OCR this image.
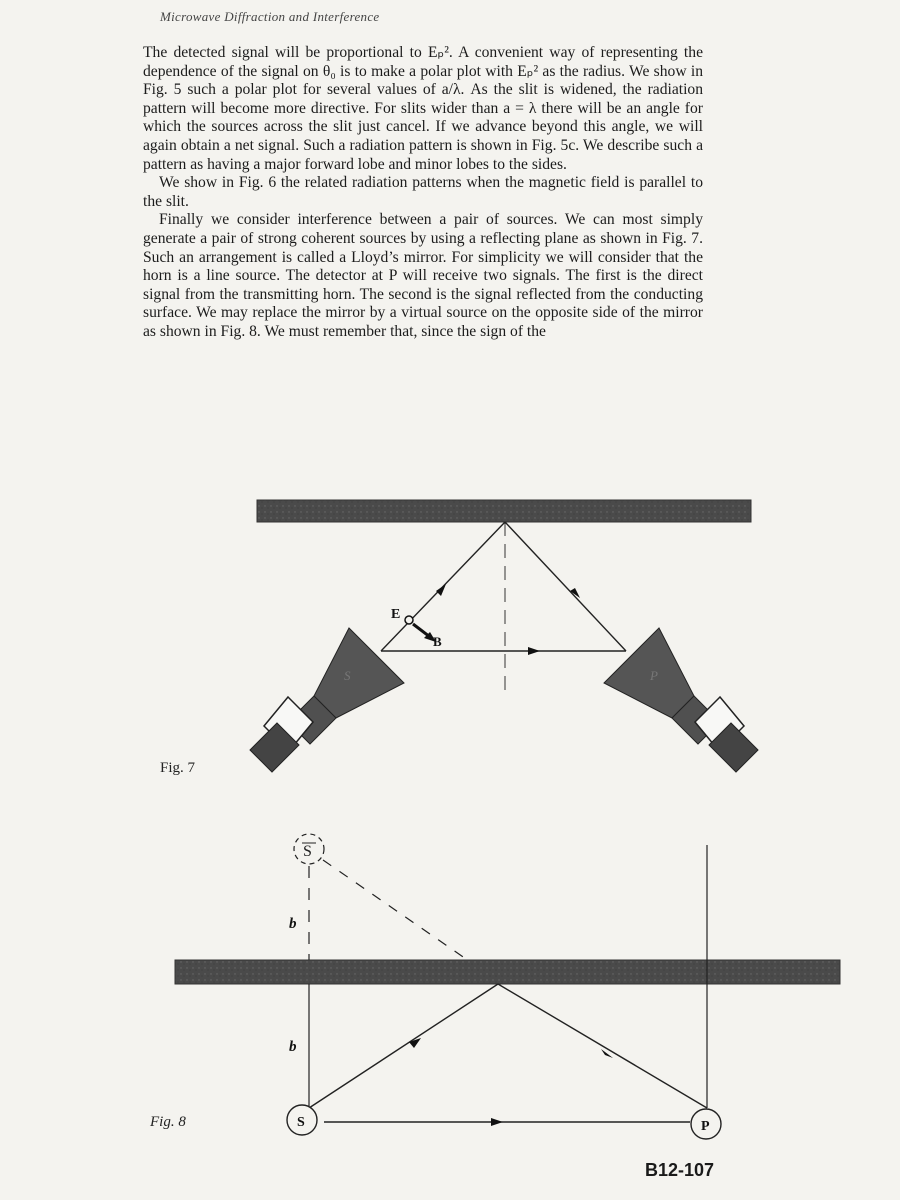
Microwave Diffraction and Interference

The detected signal will be proportional to Eₚ². A convenient way of representing the dependence of the signal on θ₀ is to make a polar plot with Eₚ² as the radius. We show in Fig. 5 such a polar plot for several values of a/λ. As the slit is widened, the radiation pattern will become more directive. For slits wider than a = λ there will be an angle for which the sources across the slit just cancel. If we advance beyond this angle, we will again obtain a net signal. Such a radiation pattern is shown in Fig. 5c. We describe such a pattern as having a major forward lobe and minor lobes to the sides.

We show in Fig. 6 the related radiation patterns when the magnetic field is parallel to the slit.

Finally we consider interference between a pair of sources. We can most simply generate a pair of strong coherent sources by using a reflecting plane as shown in Fig. 7. Such an arrangement is called a Lloyd’s mirror. For simplicity we will consider that the horn is a line source. The detector at P will receive two signals. The first is the direct signal from the transmitting horn. The second is the signal reflected from the conducting surface. We may replace the mirror by a virtual source on the opposite side of the mirror as shown in Fig. 8. We must remember that, since the sign of the

E
B
S	P
S
S	P
b
b
Fig. 7
Fig. 8
B12-107
